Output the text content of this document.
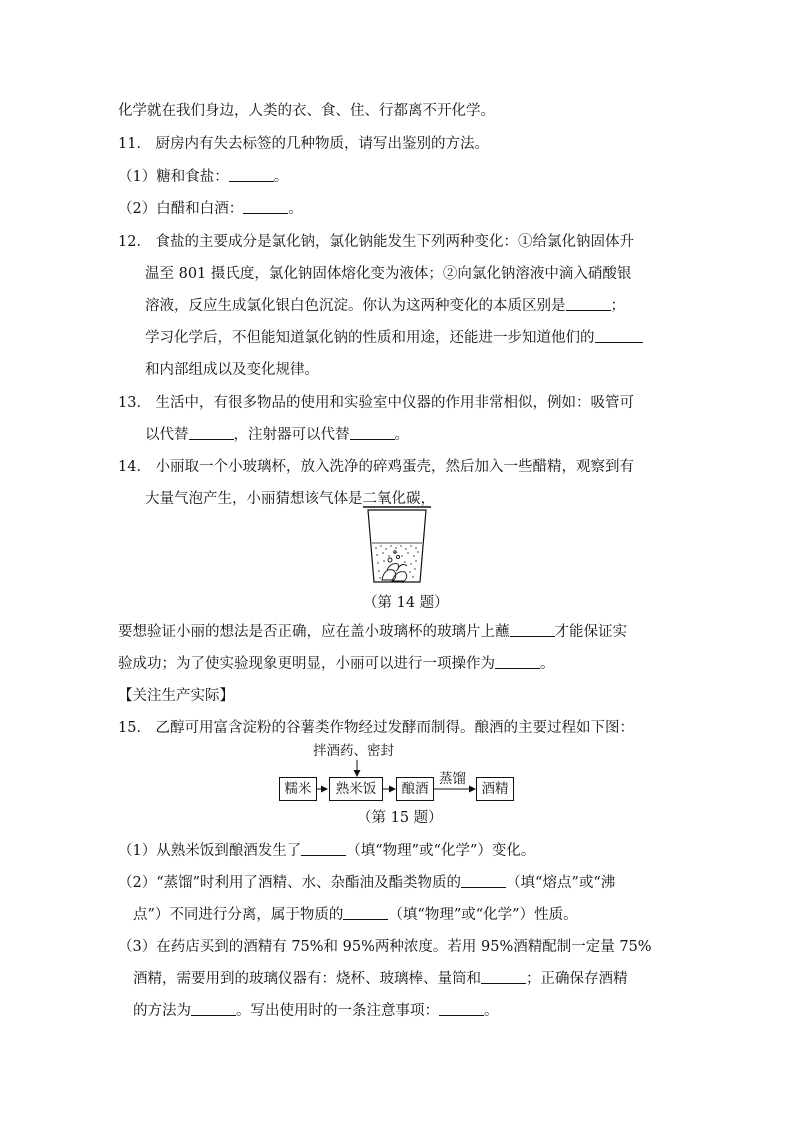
化学就在我们身边，人类的衣、食、住、行都离不开化学。
11． 厨房内有失去标签的几种物质，请写出鉴别的方法。
（1）糖和食盐：	。
（2）白醋和白酒：	。
12． 食盐的主要成分是氯化钠，氯化钠能发生下列两种变化：①给氯化钠固体升
温至 801 摄氏度，氯化钠固体熔化变为液体；②向氯化钠溶液中滴入硝酸银
溶液，反应生成氯化银白色沉淀。你认为这两种变化的本质区别是	；
学习化学后，不但能知道氯化钠的性质和用途，还能进一步知道他们的
和内部组成以及变化规律。
13． 生活中，有很多物品的使用和实验室中仪器的作用非常相似，例如：吸管可
以代替	，注射器可以代替	。
14． 小丽取一个小玻璃杯，放入洗净的碎鸡蛋壳，然后加入一些醋精，观察到有
大量气泡产生，小丽猜想该气体是二氧化碳，
（第 14 题）
要想验证小丽的想法是否正确，应在盖小玻璃杯的玻璃片上蘸	才能保证实
验成功；为了使实验现象更明显，小丽可以进行一项操作为	。
【关注生产实际】
15． 乙醇可用富含淀粉的谷薯类作物经过发酵而制得。酿酒的主要过程如下图：
拌酒药、密封
糯米	熟米饭	酿酒
蒸馏
酒精
（第 15 题）
（1）从熟米饭到酿酒发生了	（填“物理”或“化学”）变化。
（2）“蒸馏”时利用了酒精、水、杂酯油及酯类物质的	（填“熔点”或“沸
点”）不同进行分离，属于物质的	（填“物理”或“化学”）性质。
（3）在药店买到的酒精有 75%和 95%两种浓度。若用 95%酒精配制一定量 75%
酒精，需要用到的玻璃仪器有：烧杯、玻璃棒、量筒和	；正确保存酒精
的方法为	。写出使用时的一条注意事项：	。
